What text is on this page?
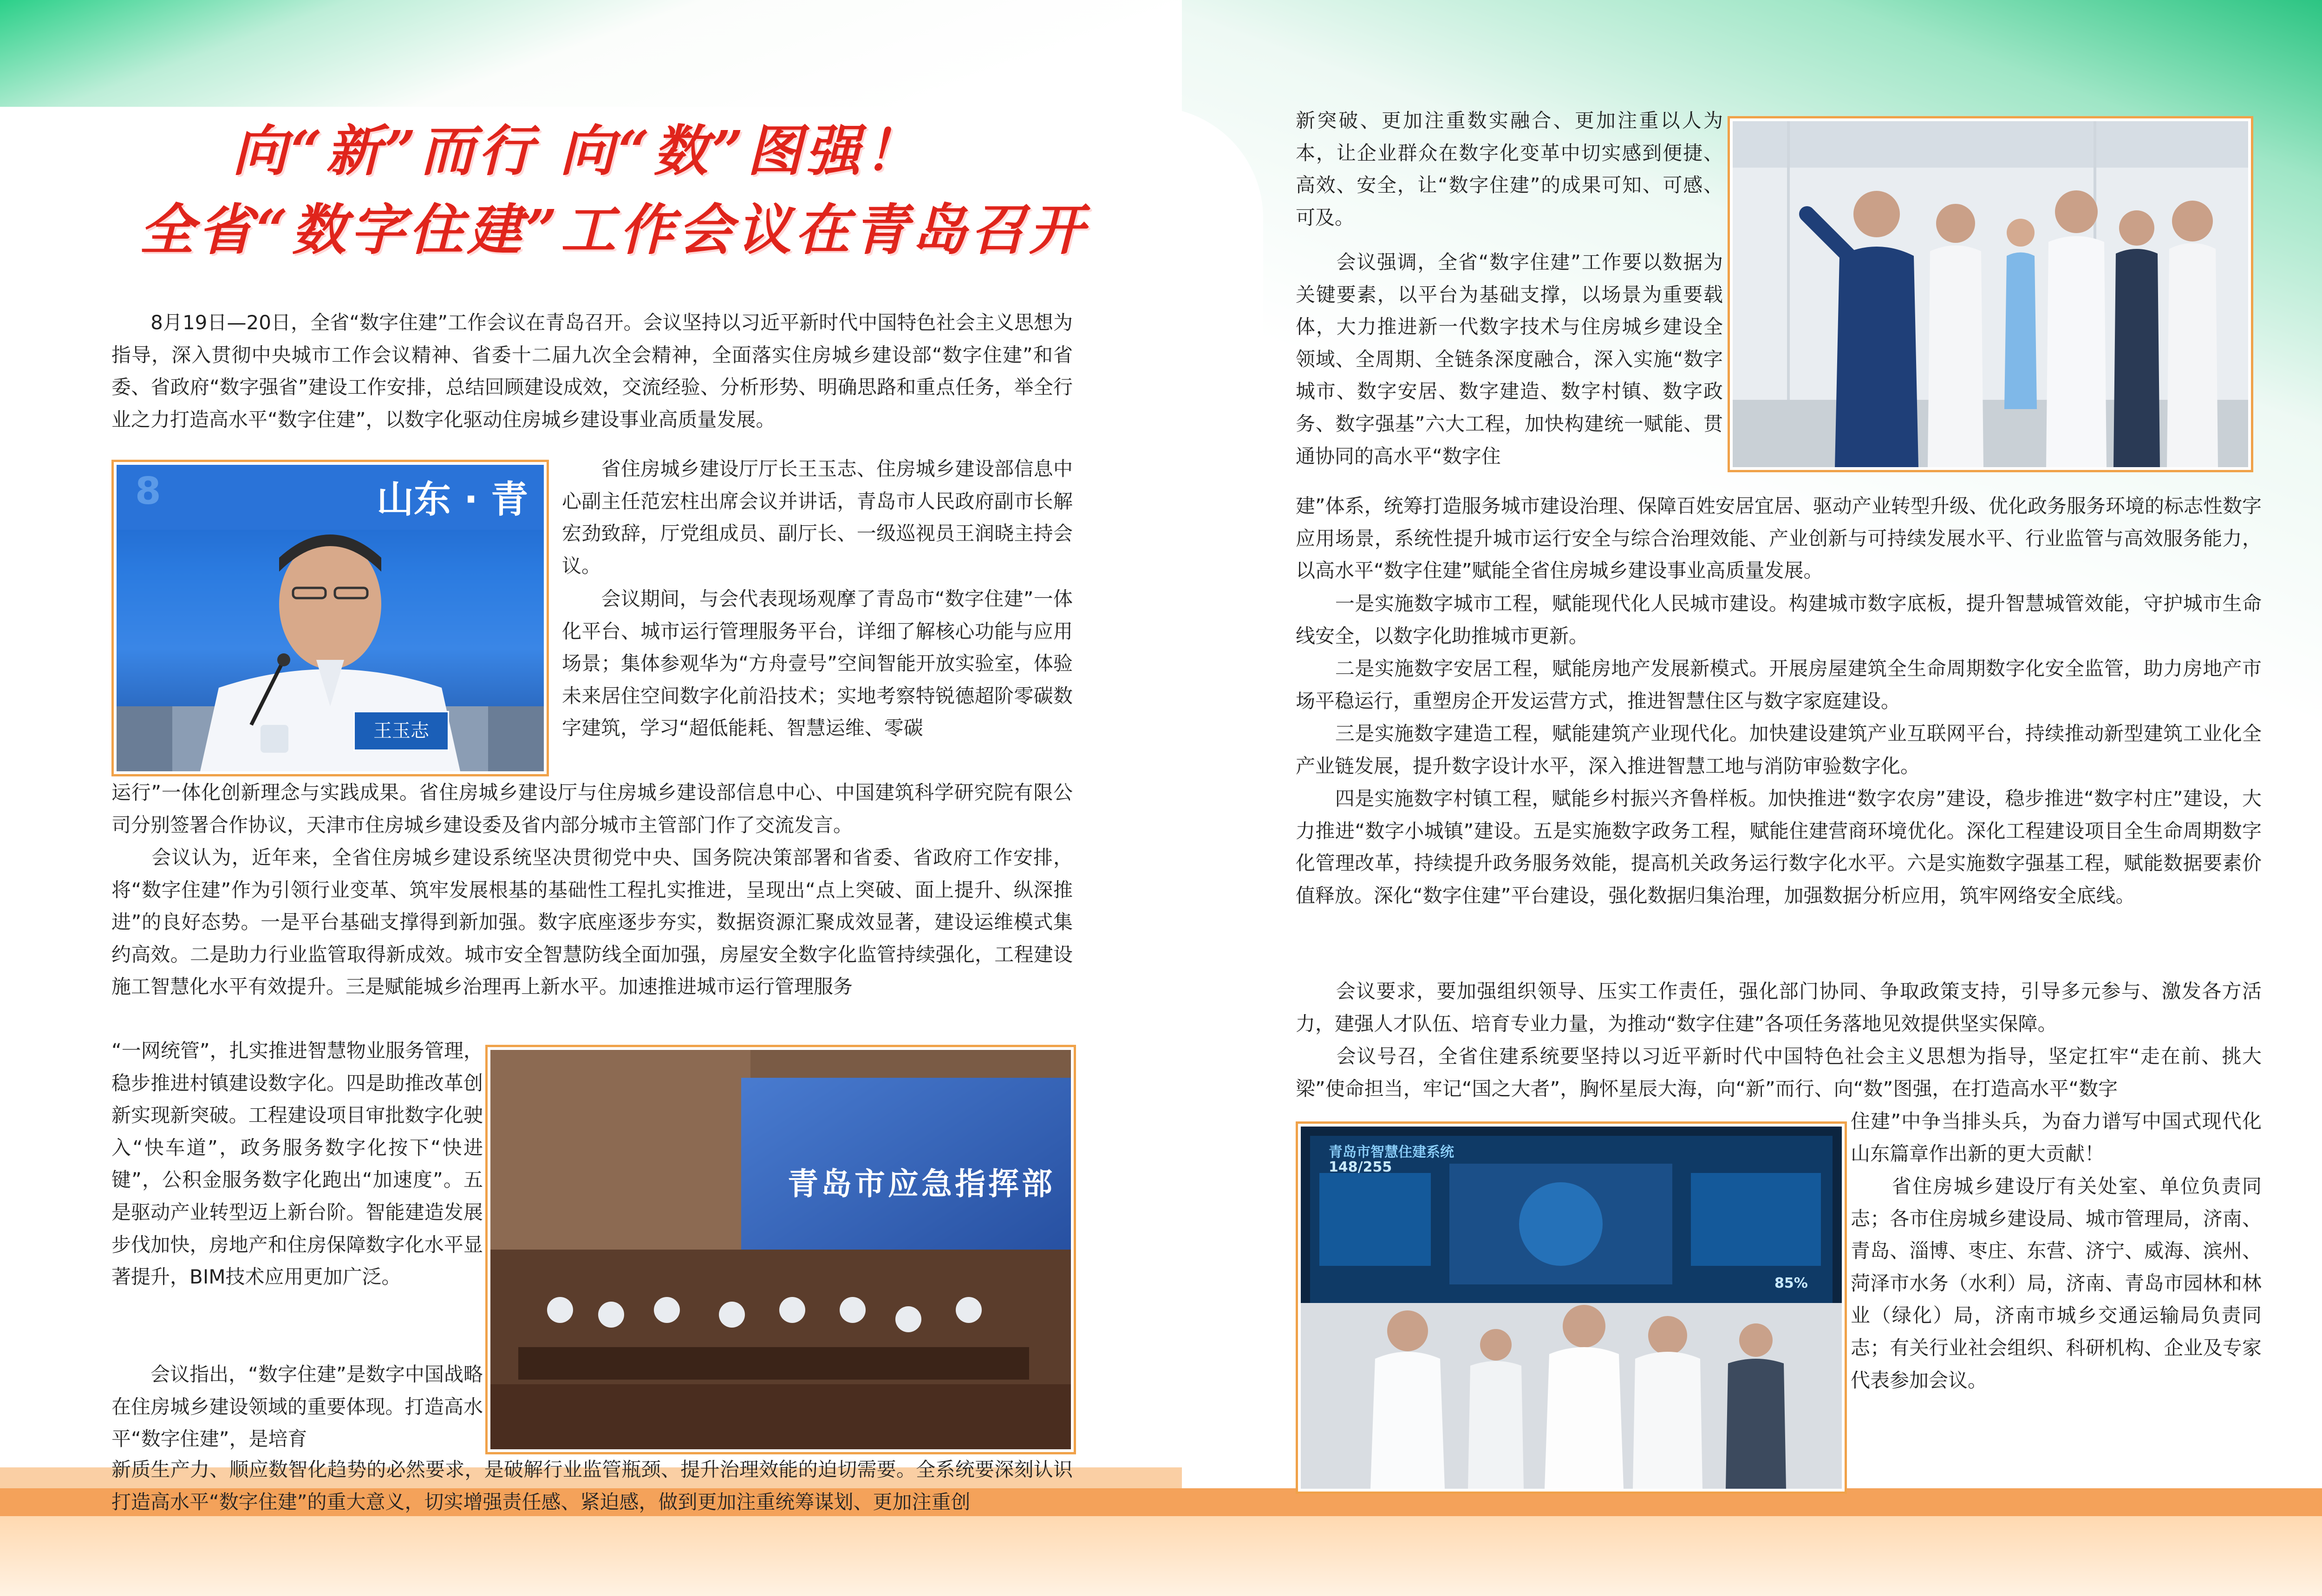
向“新”而行 向“数”图强！
全省“数字住建”工作会议在青岛召开

　　8月19日—20日，全省“数字住建”工作会议在青岛召开。会议坚持以习近平新时代中国特色社会主义思想为指导，深入贯彻中央城市工作会议精神、省委十二届九次全会精神，全面落实住房城乡建设部“数字住建”和省委、省政府“数字强省”建设工作安排，总结回顾建设成效，交流经验、分析形势、明确思路和重点任务，举全行业之力打造高水平“数字住建”，以数字化驱动住房城乡建设事业高质量发展。

　　省住房城乡建设厅厅长王玉志、住房城乡建设部信息中心副主任范宏柱出席会议并讲话，青岛市人民政府副市长解宏劲致辞，厅党组成员、副厅长、一级巡视员王润晓主持会议。

　　会议期间，与会代表现场观摩了青岛市“数字住建”一体化平台、城市运行管理服务平台，详细了解核心功能与应用场景；集体参观华为“方舟壹号”空间智能开放实验室，体验未来居住空间数字化前沿技术；实地考察特锐德超阶零碳数字建筑，学习“超低能耗、智慧运维、零碳

运行”一体化创新理念与实践成果。省住房城乡建设厅与住房城乡建设部信息中心、中国建筑科学研究院有限公司分别签署合作协议，天津市住房城乡建设委及省内部分城市主管部门作了交流发言。

　　会议认为，近年来，全省住房城乡建设系统坚决贯彻党中央、国务院决策部署和省委、省政府工作安排，将“数字住建”作为引领行业变革、筑牢发展根基的基础性工程扎实推进，呈现出“点上突破、面上提升、纵深推进”的良好态势。一是平台基础支撑得到新加强。数字底座逐步夯实，数据资源汇聚成效显著，建设运维模式集约高效。二是助力行业监管取得新成效。城市安全智慧防线全面加强，房屋安全数字化监管持续强化，工程建设施工智慧化水平有效提升。三是赋能城乡治理再上新水平。加速推进城市运行管理服务

“一网统管”，扎实推进智慧物业服务管理，稳步推进村镇建设数字化。四是助推改革创新实现新突破。工程建设项目审批数字化驶入“快车道”，政务服务数字化按下“快进键”，公积金服务数字化跑出“加速度”。五是驱动产业转型迈上新台阶。智能建造发展步伐加快，房地产和住房保障数字化水平显著提升，BIM技术应用更加广泛。

　　会议指出，“数字住建”是数字中国战略在住房城乡建设领域的重要体现。打造高水平“数字住建”，是培育

新质生产力、顺应数智化趋势的必然要求，是破解行业监管瓶颈、提升治理效能的迫切需要。全系统要深刻认识打造高水平“数字住建”的重大意义，切实增强责任感、紧迫感，做到更加注重统筹谋划、更加注重创

山东 · 青
8
王玉志
青岛市应急指挥部

新突破、更加注重数实融合、更加注重以人为本，让企业群众在数字化变革中切实感到便捷、高效、安全，让“数字住建”的成果可知、可感、可及。

　　会议强调，全省“数字住建”工作要以数据为关键要素，以平台为基础支撑，以场景为重要载体，大力推进新一代数字技术与住房城乡建设全领域、全周期、全链条深度融合，深入实施“数字城市、数字安居、数字建造、数字村镇、数字政务、数字强基”六大工程，加快构建统一赋能、贯通协同的高水平“数字住

建”体系，统筹打造服务城市建设治理、保障百姓安居宜居、驱动产业转型升级、优化政务服务环境的标志性数字应用场景，系统性提升城市运行安全与综合治理效能、产业创新与可持续发展水平、行业监管与高效服务能力，以高水平“数字住建”赋能全省住房城乡建设事业高质量发展。

　　一是实施数字城市工程，赋能现代化人民城市建设。构建城市数字底板，提升智慧城管效能，守护城市生命线安全，以数字化助推城市更新。

　　二是实施数字安居工程，赋能房地产发展新模式。开展房屋建筑全生命周期数字化安全监管，助力房地产市场平稳运行，重塑房企开发运营方式，推进智慧住区与数字家庭建设。

　　三是实施数字建造工程，赋能建筑产业现代化。加快建设建筑产业互联网平台，持续推动新型建筑工业化全产业链发展，提升数字设计水平，深入推进智慧工地与消防审验数字化。

　　四是实施数字村镇工程，赋能乡村振兴齐鲁样板。加快推进“数字农房”建设，稳步推进“数字村庄”建设，大力推进“数字小城镇”建设。五是实施数字政务工程，赋能住建营商环境优化。深化工程建设项目全生命周期数字化管理改革，持续提升政务服务效能，提高机关政务运行数字化水平。六是实施数字强基工程，赋能数据要素价值释放。深化“数字住建”平台建设，强化数据归集治理，加强数据分析应用，筑牢网络安全底线。

　　会议要求，要加强组织领导、压实工作责任，强化部门协同、争取政策支持，引导多元参与、激发各方活力，建强人才队伍、培育专业力量，为推动“数字住建”各项任务落地见效提供坚实保障。

　　会议号召，全省住建系统要坚持以习近平新时代中国特色社会主义思想为指导，坚定扛牢“走在前、挑大梁”使命担当，牢记“国之大者”，胸怀星辰大海，向“新”而行、向“数”图强，在打造高水平“数字

住建”中争当排头兵，为奋力谱写中国式现代化山东篇章作出新的更大贡献！

　　省住房城乡建设厅有关处室、单位负责同志；各市住房城乡建设局、城市管理局，济南、青岛、淄博、枣庄、东营、济宁、威海、滨州、菏泽市水务（水利）局，济南、青岛市园林和林业（绿化）局，济南市城乡交通运输局负责同志；有关行业社会组织、科研机构、企业及专家代表参加会议。

青岛市智慧住建系统
148/255
85%
